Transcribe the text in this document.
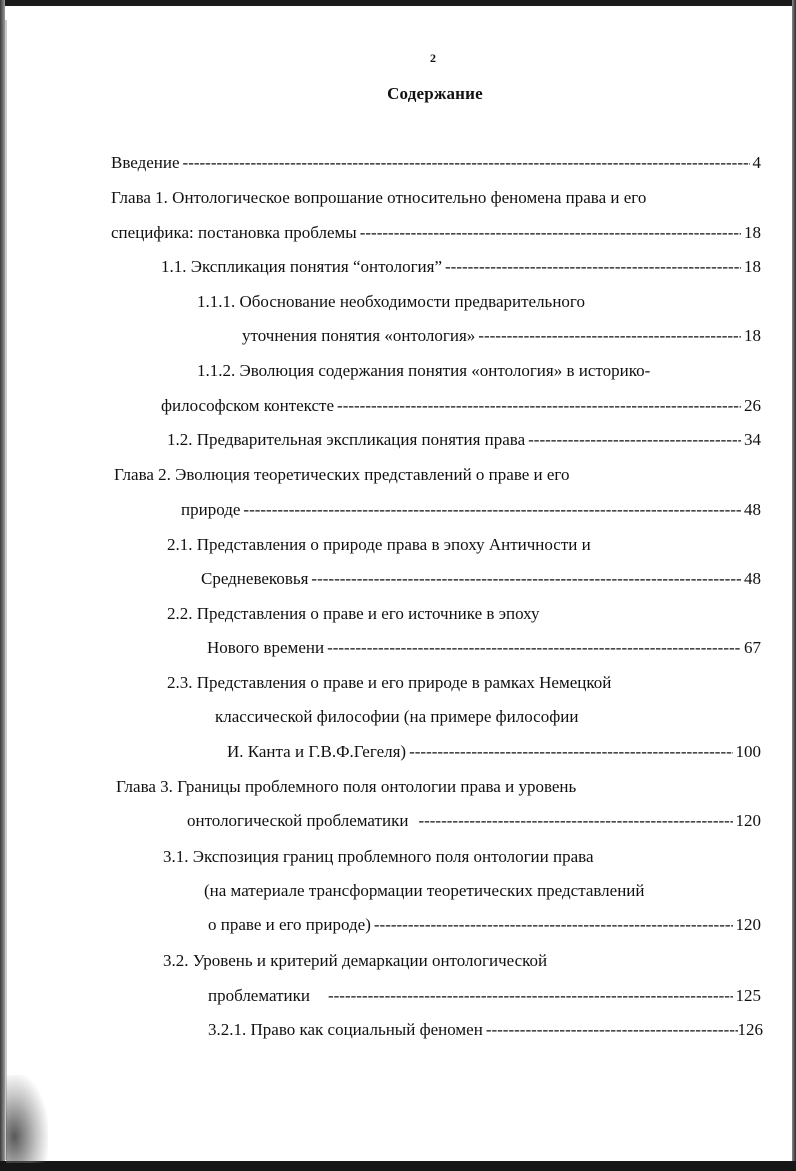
2
Содержание
Введение -----	4
Глава 1. Онтологическое вопрошание относительно феномена права и его
специфика: постановка проблемы -----	18
1.1. Экспликация понятия “онтология” -----	18
1.1.1. Обоснование необходимости предварительного
уточнения понятия «онтология» -----	18
1.1.2. Эволюция содержания понятия «онтология» в историко-
философском контексте -----	26
1.2. Предварительная экспликация понятия права -----	34
Глава 2. Эволюция теоретических представлений о праве и его
природе -----	48
2.1. Представления о природе права в эпоху Античности и
Средневековья -----	48
2.2. Представления о праве и его источнике в эпоху
Нового времени -----	67
2.3. Представления о праве и его природе в рамках Немецкой
классической философии (на примере философии
И. Канта и Г.В.Ф.Гегеля) -----	100
Глава 3. Границы проблемного поля онтологии права и уровень
онтологической проблематики -----	120
3.1. Экспозиция границ проблемного поля онтологии права
(на материале трансформации теоретических представлений
о праве и его природе) -----	120
3.2. Уровень и критерий демаркации онтологической
проблематики -----	125
3.2.1. Право как социальный феномен -----	126
